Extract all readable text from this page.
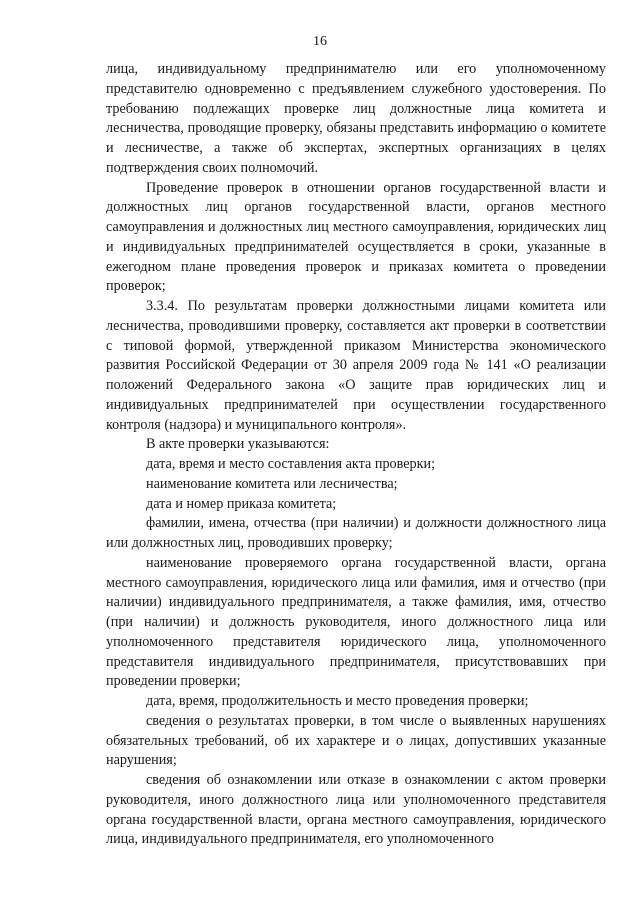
16

лица, индивидуальному предпринимателю или его уполномоченному представителю одновременно с предъявлением служебного удостоверения. По требованию подлежащих проверке лиц должностные лица комитета и лесничества, проводящие проверку, обязаны представить информацию о комитете и лесничестве, а также об экспертах, экспертных организациях в целях подтверждения своих полномочий.

Проведение проверок в отношении органов государственной власти и должностных лиц органов государственной власти, органов местного самоуправления и должностных лиц местного самоуправления, юридических лиц и индивидуальных предпринимателей осуществляется в сроки, указанные в ежегодном плане проведения проверок и приказах комитета о проведении проверок;

3.3.4. По результатам проверки должностными лицами комитета или лесничества, проводившими проверку, составляется акт проверки в соответствии с типовой формой, утвержденной приказом Министерства экономического развития Российской Федерации от 30 апреля 2009 года № 141 «О реализации положений Федерального закона «О защите прав юридических лиц и индивидуальных предпринимателей при осуществлении государственного контроля (надзора) и муниципального контроля».

В акте проверки указываются:

дата, время и место составления акта проверки;

наименование комитета или лесничества;

дата и номер приказа комитета;

фамилии, имена, отчества (при наличии) и должности должностного лица или должностных лиц, проводивших проверку;

наименование проверяемого органа государственной власти, органа местного самоуправления, юридического лица или фамилия, имя и отчество (при наличии) индивидуального предпринимателя, а также фамилия, имя, отчество (при наличии) и должность руководителя, иного должностного лица или уполномоченного представителя юридического лица, уполномоченного представителя индивидуального предпринимателя, присутствовавших при проведении проверки;

дата, время, продолжительность и место проведения проверки;

сведения о результатах проверки, в том числе о выявленных нарушениях обязательных требований, об их характере и о лицах, допустивших указанные нарушения;

сведения об ознакомлении или отказе в ознакомлении с актом проверки руководителя, иного должностного лица или уполномоченного представителя органа государственной власти, органа местного самоуправления, юридического лица, индивидуального предпринимателя, его уполномоченного
